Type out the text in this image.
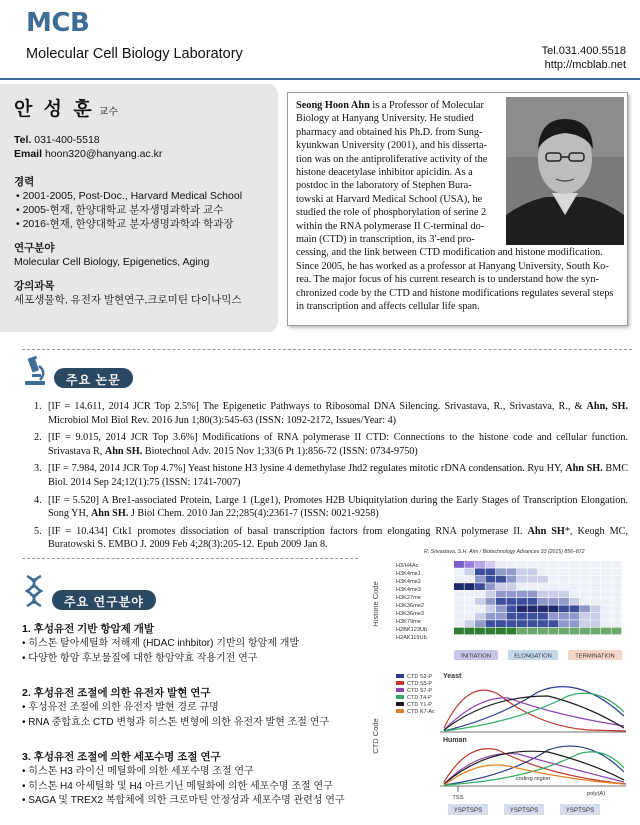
MCB
Molecular Cell Biology Laboratory	Tel.031.400.5518
http://mcblab.net
안 성 훈 교수
Tel. 031-400-5518
Email hoon320@hanyang.ac.kr
경력
• 2001-2005, Post-Doc., Harvard Medical School
• 2005-현재, 한양대학교 분자생명과학과 교수
• 2016-현재, 한양대학교 분자생명과학과 학과장
연구분야
Molecular Cell Biology, Epigenetics, Aging
강의과목
세포생물학, 유전자 발현연구,크로미틴 다이나믹스
Seong Hoon Ahn is a Professor of Molecular
Biology at Hanyang University. He studied
pharmacy and obtained his Ph.D. from Sung-
kyunkwan University (2001), and his disserta-
tion was on the antiproliferative activity of the
histone deacetylase inhibitor apicidin. As a
postdoc in the laboratory of Stephen Bura-
towski at Harvard Medical School (USA), he
studied the role of phosphorylation of serine 2
within the RNA polymerase II C-terminal do-
main (CTD) in transcription, its 3′-end pro-
cessing, and the link between CTD modification and histone modification.
Since 2005, he has worked as a professor at Hanyang University, South Ko-
rea. The major focus of his current research is to understand how the syn-
chronized code by the CTD and histone modifications regulates several steps
in transcription and affects cellular life span.
주요 논문
1. [IF = 14.611, 2014 JCR Top 2.5%] The Epigenetic Pathways to Ribosomal DNA Silencing. Srivastava, R., Srivastava, R., & Ahn, SH. Microbiol Mol Biol Rev. 2016 Jun 1;80(3):545-63 (ISSN: 1092-2172, Issues/Year: 4)
2. [IF = 9.015, 2014 JCR Top 3.6%] Modifications of RNA polymerase II CTD: Connections to the histone code and cellular function. Srivastava R, Ahn SH. Biotechnol Adv. 2015 Nov 1;33(6 Pt 1):856-72 (ISSN: 0734-9750)
3. [IF = 7.984, 2014 JCR Top 4.7%] Yeast histone H3 lysine 4 demethylase Jhd2 regulates mitotic rDNA condensation. Ryu HY, Ahn SH. BMC Biol. 2014 Sep 24;12(1):75 (ISSN: 1741-7007)
4. [IF = 5.520] A Bre1-associated Protein, Large 1 (Lge1), Promotes H2B Ubiquitylation during the Early Stages of Transcription Elongation. Song YH, Ahn SH. J Biol Chem. 2010 Jan 22;285(4):2361-7 (ISSN: 0021-9258)
5. [IF = 10.434] Ctk1 promotes dissociation of basal transcription factors from elongating RNA polymerase II. Ahn SH*, Keogh MC, Buratowski S. EMBO J. 2009 Feb 4;28(3):205-12. Epub 2009 Jan 8.
주요 연구분야
1. 후성유전 기반 항암제 개발
• 히스톤 탈아세틸화 저해제 (HDAC inhbitor) 기반의 항암제 개발
• 다양한 항암 후보물질에 대한 항암약효 작용기전 연구
2. 후성유전 조절에 의한 유전자 발현 연구
• 후성유전 조절에 의한 유전자 발현 경로 규명
• RNA 중합효소 CTD 변형과 히스톤 변형에 의한 유전자 발현 조절 연구
3. 후성유전 조절에 의한 세포수명 조절 연구
• 히스톤 H3 라이신 메틸화에 의한 세포수명 조절 연구
• 히스톤 H4 아세틸화 및 H4 아르기닌 메틸화에 의한 세포수명 조절 연구
• SAGA 및 TREX2 복합체에 의한 크로마틴 안정성과 세포수명 관련성 연구
R. Srivastava, S.H. Ahn / Biotechnology Advances 33 (2015) 856–872
Histone Code
CTD Code
H3/H4Ac
H3K4me1
H3K4me2
H3K4me3
H3K27me
H3K36me2
H3K36me3
H3K79me
H2BK123Ub
H2AK119Ub
INITIATION	ELONGATION	TERMINATION
CTD S2-P
CTD S5-P
CTD S7-P
CTD T4-P
CTD Y1-P
CTD K7-Ac
Yeast
Human
TSS
coding region
poly(A)
YSPTSPS	YSPTSPS	YSPTSPS
